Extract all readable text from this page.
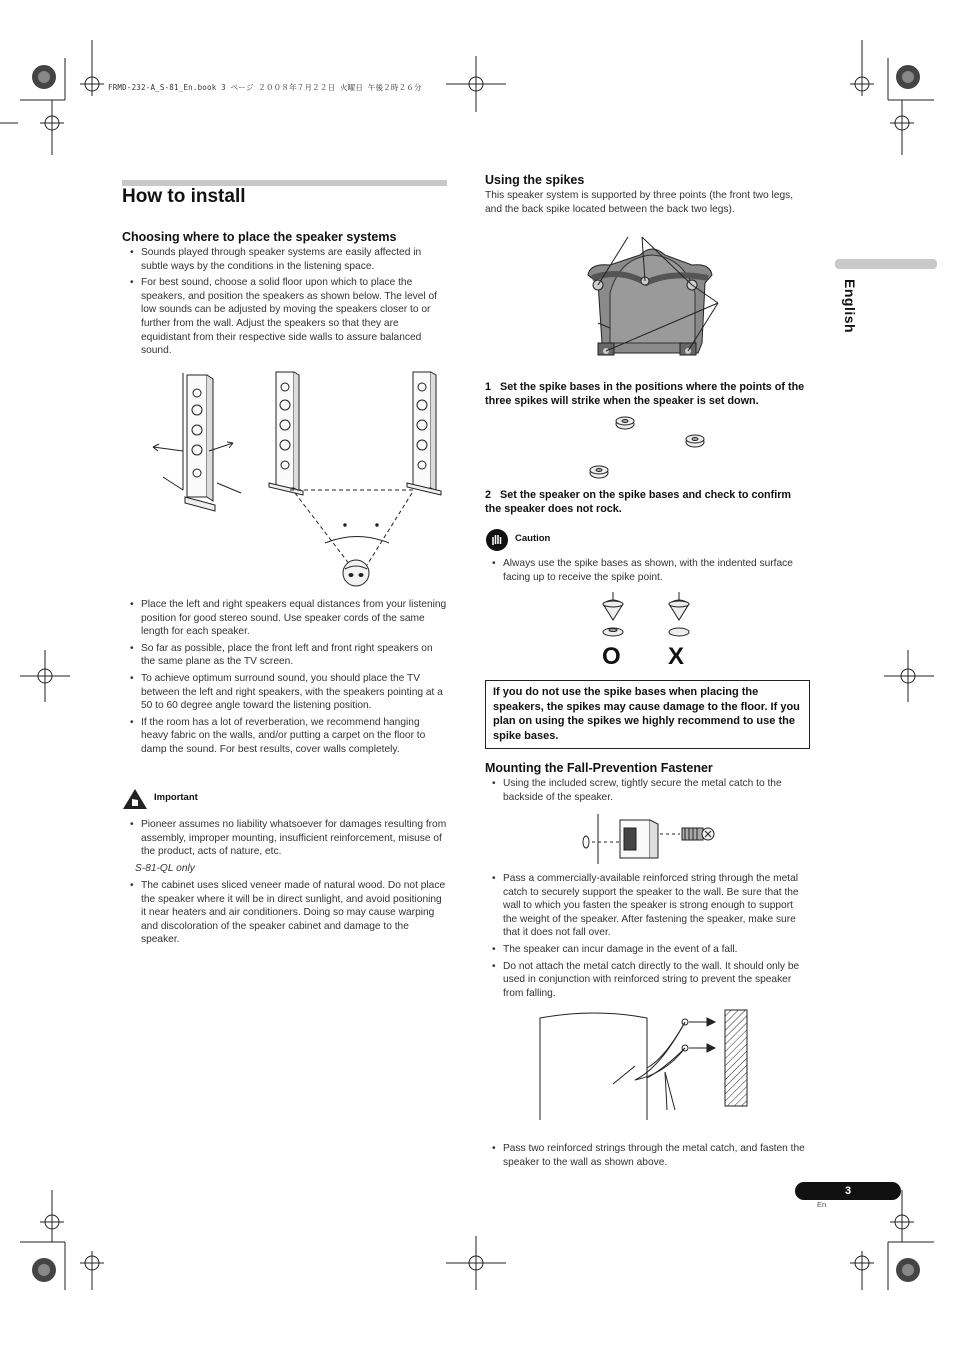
FRMD-232-A_S-81_En.book 3 ページ ２００８年７月２２日 火曜日 午後２時２６分
How to install
Choosing where to place the speaker systems
• Sounds played through speaker systems are easily affected in subtle ways by the conditions in the listening space.
• For best sound, choose a solid floor upon which to place the speakers, and position the speakers as shown below. The level of low sounds can be adjusted by moving the speakers closer to or further from the wall. Adjust the speakers so that they are equidistant from their respective side walls to assure balanced sound.
• Place the left and right speakers equal distances from your listening position for good stereo sound. Use speaker cords of the same length for each speaker.
• So far as possible, place the front left and front right speakers on the same plane as the TV screen.
• To achieve optimum surround sound, you should place the TV between the left and right speakers, with the speakers pointing at a 50 to 60 degree angle toward the listening position.
• If the room has a lot of reverberation, we recommend hanging heavy fabric on the walls, and/or putting a carpet on the floor to damp the sound. For best results, cover walls completely.
Important
• Pioneer assumes no liability whatsoever for damages resulting from assembly, improper mounting, insufficient reinforcement, misuse of the product, acts of nature, etc.
S-81-QL only
• The cabinet uses sliced veneer made of natural wood. Do not place the speaker where it will be in direct sunlight, and avoid positioning it near heaters and air conditioners. Doing so may cause warping and discoloration of the speaker cabinet and damage to the speaker.
Using the spikes
This speaker system is supported by three points (the front two legs, and the back spike located between the back two legs).
1 Set the spike bases in the positions where the points of the three spikes will strike when the speaker is set down.
2 Set the speaker on the spike bases and check to confirm the speaker does not rock.
Caution
• Always use the spike bases as shown, with the indented surface facing up to receive the spike point.
O X
If you do not use the spike bases when placing the speakers, the spikes may cause damage to the floor. If you plan on using the spikes we highly recommend to use the spike bases.
Mounting the Fall-Prevention Fastener
• Using the included screw, tightly secure the metal catch to the backside of the speaker.
• Pass a commercially-available reinforced string through the metal catch to securely support the speaker to the wall. Be sure that the wall to which you fasten the speaker is strong enough to support the weight of the speaker. After fastening the speaker, make sure that it does not fall over.
• The speaker can incur damage in the event of a fall.
• Do not attach the metal catch directly to the wall. It should only be used in conjunction with reinforced string to prevent the speaker from falling.
• Pass two reinforced strings through the metal catch, and fasten the speaker to the wall as shown above.
English
3
En
